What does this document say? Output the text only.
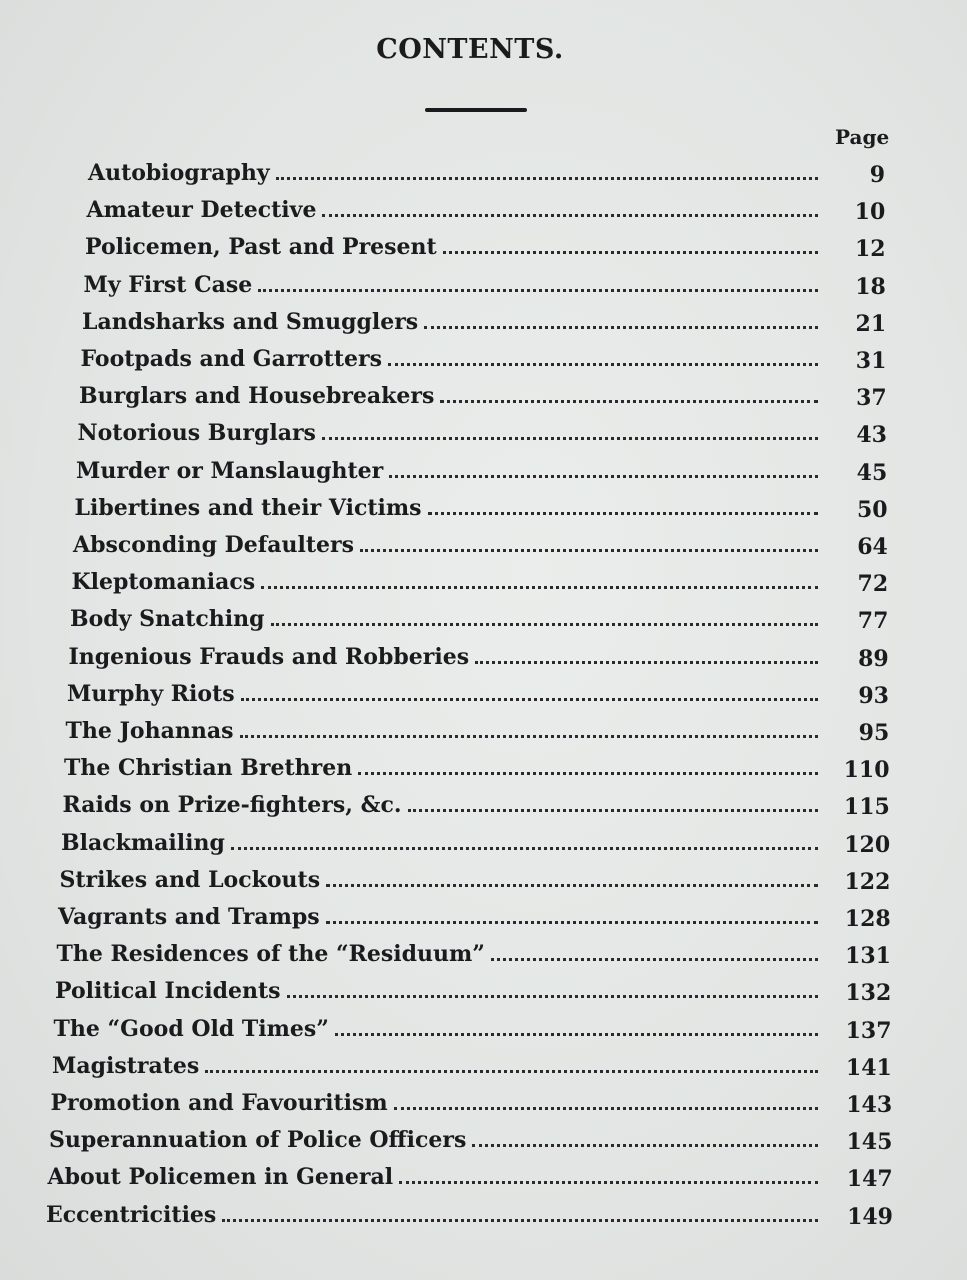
CONTENTS.
Page
Autobiography	9
Amateur Detective	10
Policemen, Past and Present	12
My First Case	18
Landsharks and Smugglers	21
Footpads and Garrotters	31
Burglars and Housebreakers	37
Notorious Burglars	43
Murder or Manslaughter	45
Libertines and their Victims	50
Absconding Defaulters	64
Kleptomaniacs	72
Body Snatching	77
Ingenious Frauds and Robberies	89
Murphy Riots	93
The Johannas	95
The Christian Brethren	110
Raids on Prize-fighters, &c.	115
Blackmailing	120
Strikes and Lockouts	122
Vagrants and Tramps	128
The Residences of the “Residuum”	131
Political Incidents	132
The “Good Old Times”	137
Magistrates	141
Promotion and Favouritism	143
Superannuation of Police Officers	145
About Policemen in General	147
Eccentricities	149
